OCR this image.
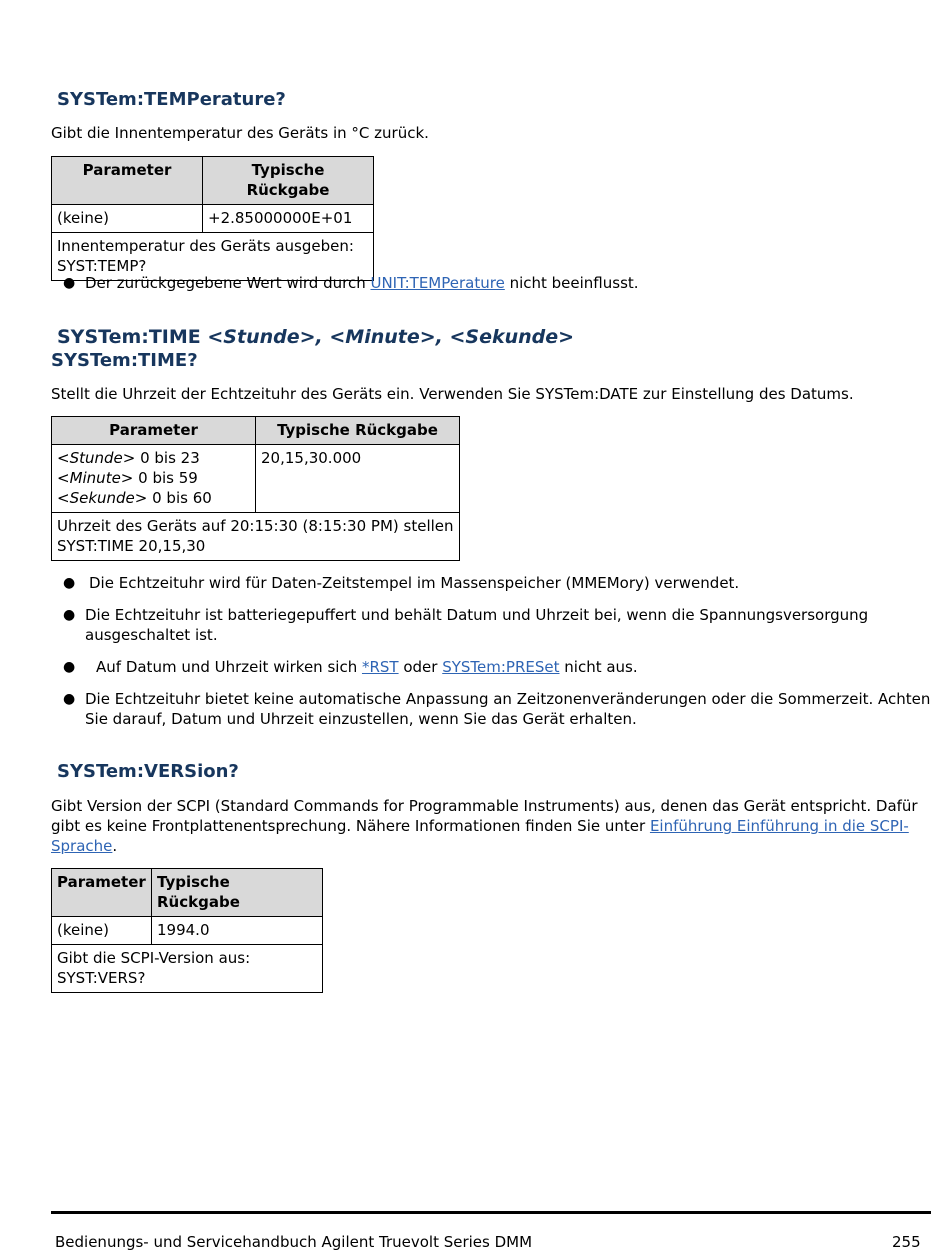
SYSTem:TEMPerature?

Gibt die Innentemperatur des Geräts in °C zurück.

Parameter	Typische Rückgabe
(keine)	+2.85000000E+01

Innentemperatur des Geräts ausgeben:
SYST:TEMP?	
● Der zurückgegebene Wert wird durch UNIT:TEMPerature nicht beeinflusst.
SYSTem:TIME <Stunde>, <Minute>, <Sekunde>
SYSTem:TIME?

Stellt die Uhrzeit der Echtzeituhr des Geräts ein. Verwenden Sie SYSTem:DATE zur Einstellung des Datums.

Parameter	Typische Rückgabe

<Stunde> 0 bis 23
<Minute> 0 bis 59
<Sekunde> 0 bis 60	20,15,30.000

Uhrzeit des Geräts auf 20:15:30 (8:15:30 PM) stellen
SYST:TIME 20,15,30	
● Die Echtzeituhr wird für Daten-Zeitstempel im Massenspeicher (MMEMory) verwendet.
● Die Echtzeituhr ist batteriegepuffert und behält Datum und Uhrzeit bei, wenn die Spannungsversorgung
ausgeschaltet ist.
● Auf Datum und Uhrzeit wirken sich *RST oder SYSTem:PRESet nicht aus.
● Die Echtzeituhr bietet keine automatische Anpassung an Zeitzonenveränderungen oder die Sommerzeit. Achten
Sie darauf, Datum und Uhrzeit einzustellen, wenn Sie das Gerät erhalten.
SYSTem:VERSion?

Gibt Version der SCPI (Standard Commands for Programmable Instruments) aus, denen das Gerät entspricht. Dafür
gibt es keine Frontplattenentsprechung. Nähere Informationen finden Sie unter Einführung Einführung in die SCPI-
Sprache.

Parameter	Typische Rückgabe
(keine)	1994.0

Gibt die SCPI-Version aus:
SYST:VERS?	
Bedienungs- und Servicehandbuch Agilent Truevolt Series DMM	255
